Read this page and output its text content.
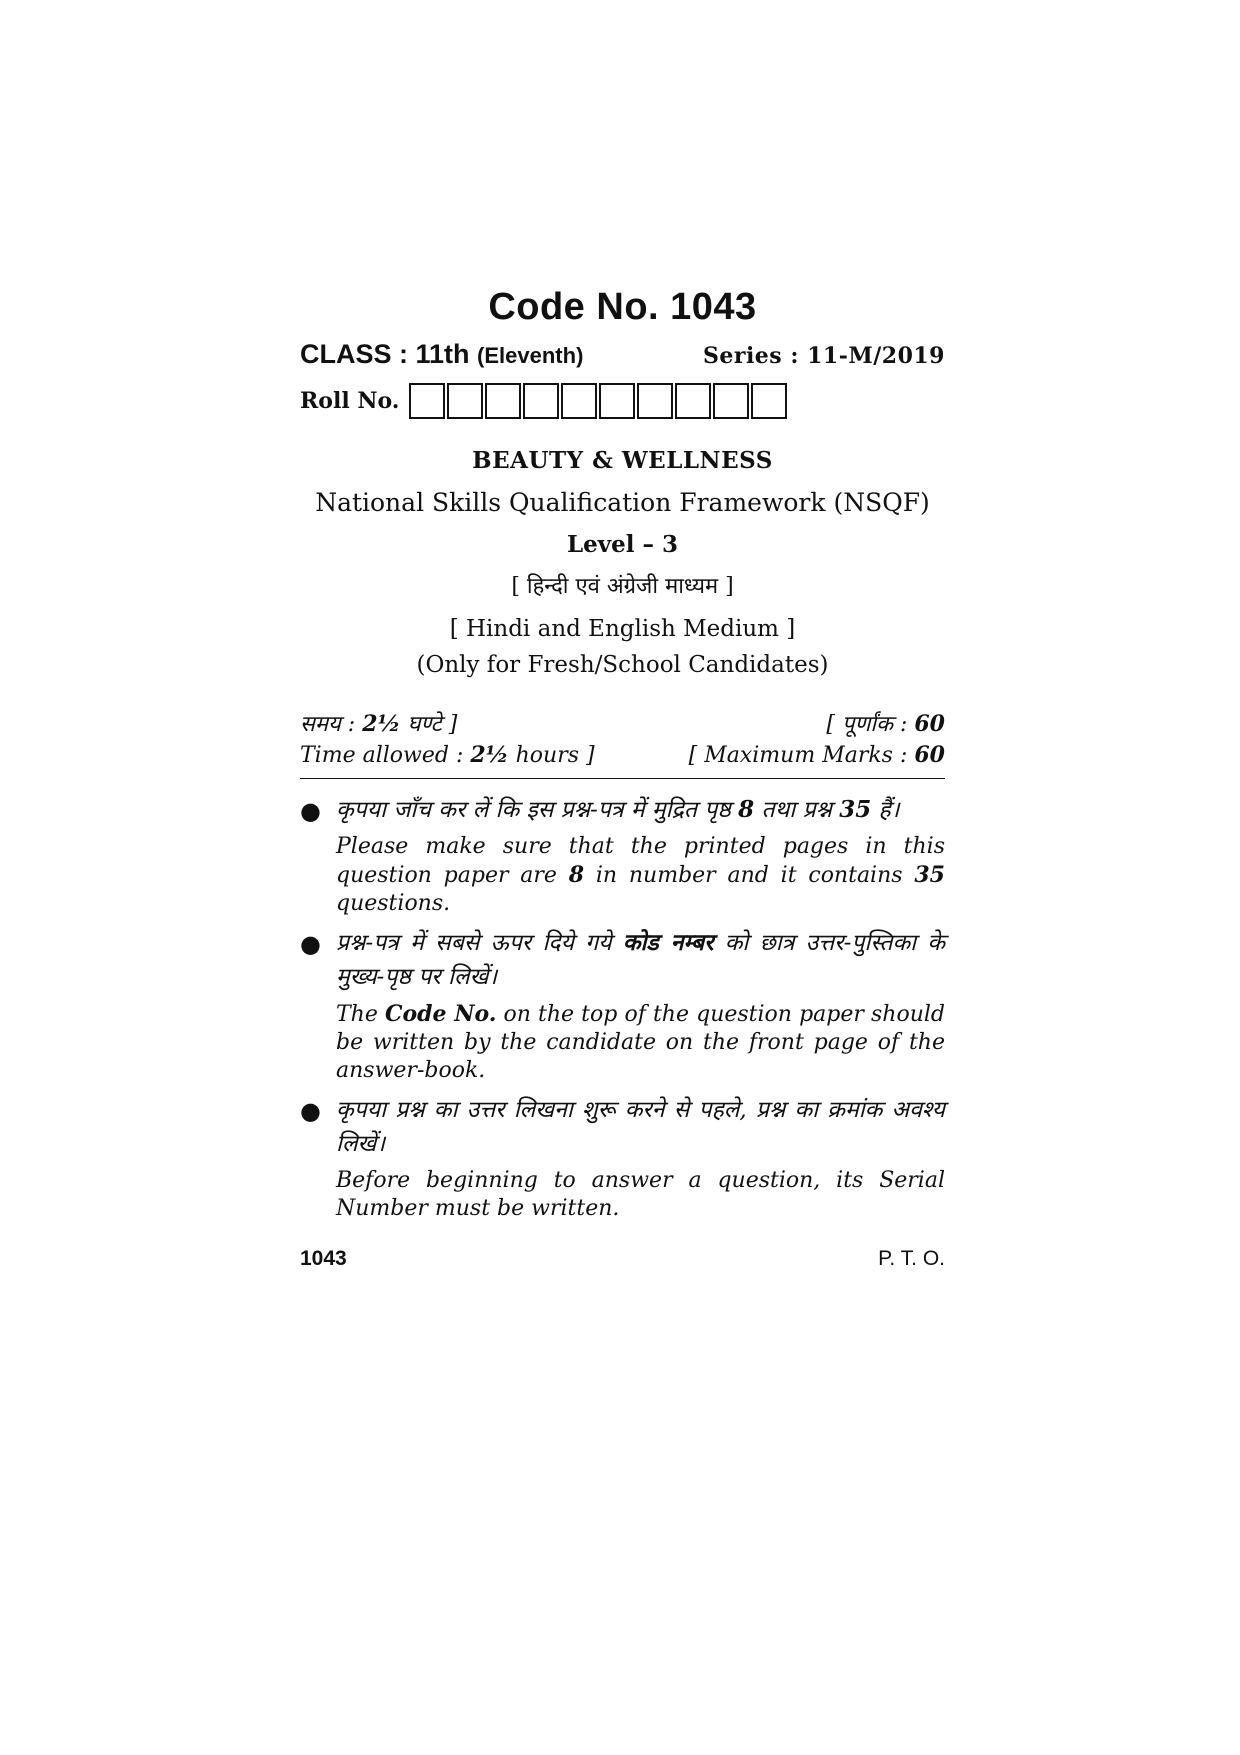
Code No. 1043
CLASS : 11th (Eleventh)	Series : 11-M/2019
Roll No.
BEAUTY & WELLNESS
National Skills Qualification Framework (NSQF)
Level – 3
[ हिन्दी एवं अंग्रेजी माध्यम ]
[ Hindi and English Medium ]
(Only for Fresh/School Candidates)
समय : 2½ घण्टे ]	[ पूर्णांक : 60
Time allowed : 2½ hours ]	[ Maximum Marks : 60
● कृपया जाँच कर लें कि इस प्रश्न-पत्र में मुद्रित पृष्ठ 8 तथा प्रश्न 35 हैं।
Please make sure that the printed pages in this question paper are 8 in number and it contains 35 questions.
● प्रश्न-पत्र में सबसे ऊपर दिये गये कोड नम्बर को छात्र उत्तर-पुस्तिका के मुख्य-पृष्ठ पर लिखें।
The Code No. on the top of the question paper should be written by the candidate on the front page of the answer-book.
● कृपया प्रश्न का उत्तर लिखना शुरू करने से पहले, प्रश्न का क्रमांक अवश्य लिखें।
Before beginning to answer a question, its Serial Number must be written.
1043	P. T. O.
